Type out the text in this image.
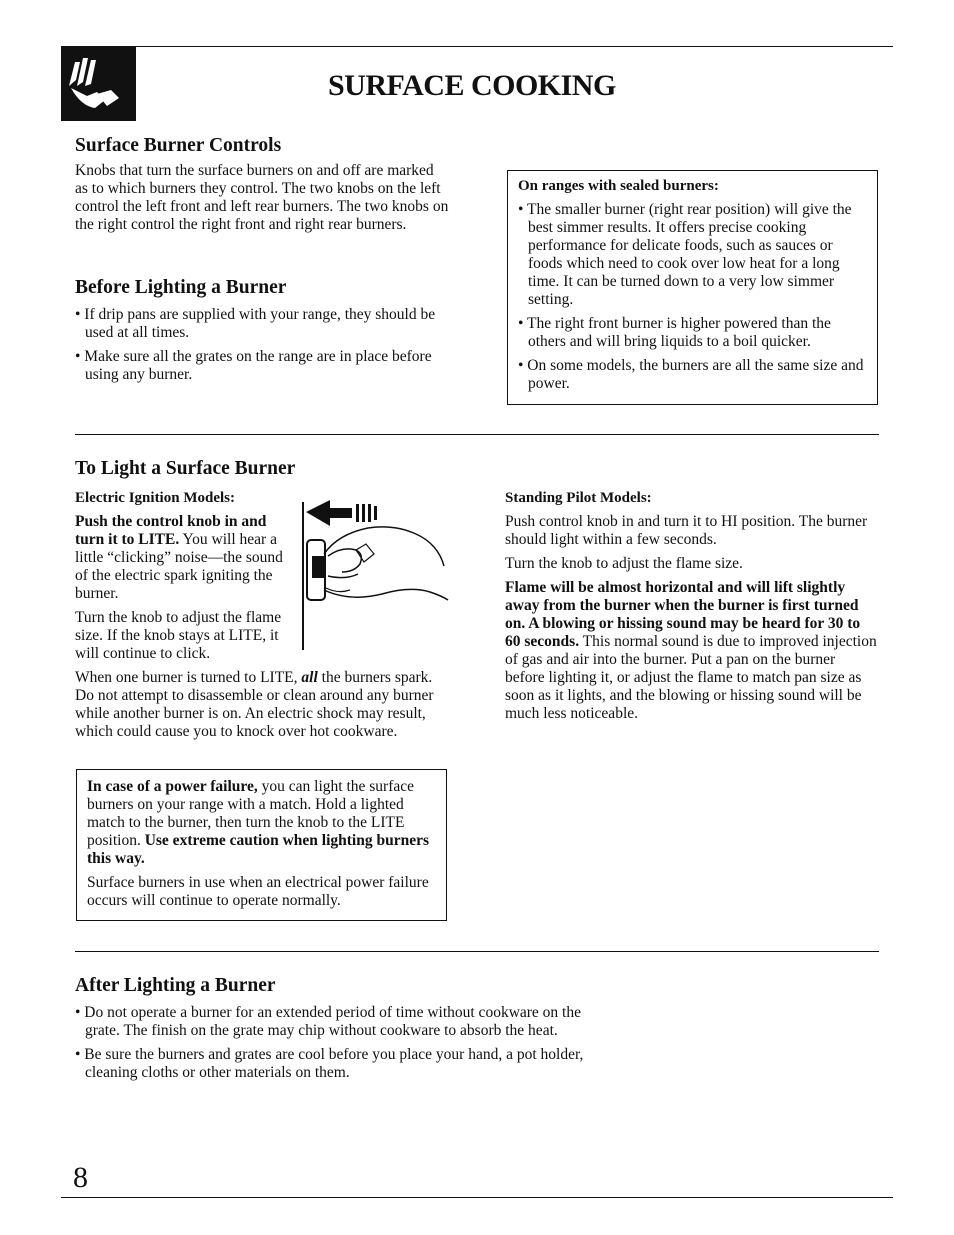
SURFACE COOKING
Surface Burner Controls

Knobs that turn the surface burners on and off are marked as to which burners they control. The two knobs on the left control the left front and left rear burners. The two knobs on the right control the right front and right rear burners.

Before Lighting a Burner

• If drip pans are supplied with your range, they should be used at all times.

• Make sure all the grates on the range are in place before using any burner.

On ranges with sealed burners:

• The smaller burner (right rear position) will give the best simmer results. It offers precise cooking performance for delicate foods, such as sauces or foods which need to cook over low heat for a long time. It can be turned down to a very low simmer setting.

• The right front burner is higher powered than the others and will bring liquids to a boil quicker.

• On some models, the burners are all the same size and power.

To Light a Surface Burner

Electric Ignition Models:

Push the control knob in and turn it to LITE. You will hear a little “clicking” noise—the sound of the electric spark igniting the burner.

Turn the knob to adjust the flame size. If the knob stays at LITE, it will continue to click.

When one burner is turned to LITE, all the burners spark. Do not attempt to disassemble or clean around any burner while another burner is on. An electric shock may result, which could cause you to knock over hot cookware.

In case of a power failure, you can light the surface burners on your range with a match. Hold a lighted match to the burner, then turn the knob to the LITE position. Use extreme caution when lighting burners this way.

Surface burners in use when an electrical power failure occurs will continue to operate normally.

Standing Pilot Models:

Push control knob in and turn it to HI position. The burner should light within a few seconds.

Turn the knob to adjust the flame size.

Flame will be almost horizontal and will lift slightly away from the burner when the burner is first turned on. A blowing or hissing sound may be heard for 30 to 60 seconds. This normal sound is due to improved injection of gas and air into the burner. Put a pan on the burner before lighting it, or adjust the flame to match pan size as soon as it lights, and the blowing or hissing sound will be much less noticeable.

After Lighting a Burner

• Do not operate a burner for an extended period of time without cookware on the grate. The finish on the grate may chip without cookware to absorb the heat.

• Be sure the burners and grates are cool before you place your hand, a pot holder, cleaning cloths or other materials on them.

8
